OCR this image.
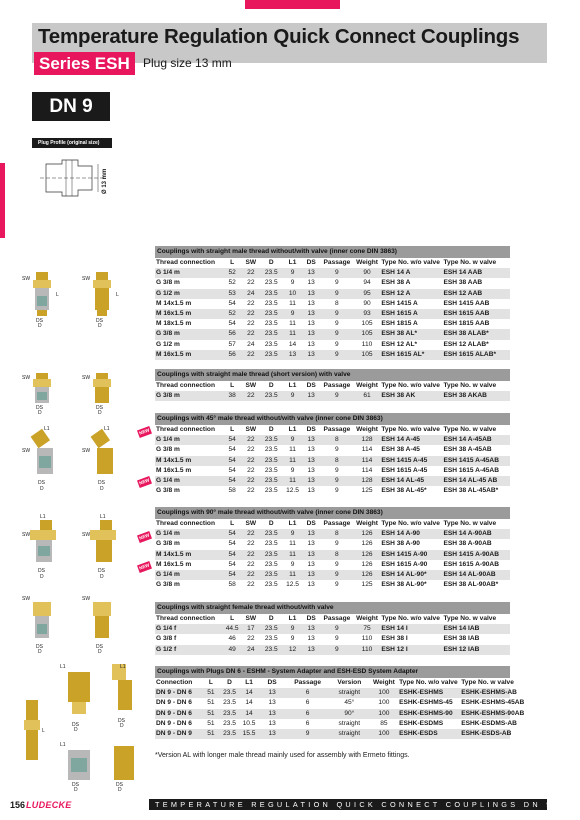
Temperature Regulation Quick Connect Couplings
Series ESH	Plug size 13 mm
DN 9
Plug Profile (original size)
Ø 13 mm
SW	SW
L	L
DS	DS
D	D
SW	SW
DS	DS
D	D
L1	L1
SW	SW
DS	DS
D	D
L1	L1
SW	SW
DS	DS
D	D
SW	SW
DS	DS
D	D
L1	L1
L1
L
DS
D
DS
D
DS
D
DS
D
NEW
NEW
NEW
NEW
Couplings with straight male thread without/with valve (inner cone DIN 3863)
Thread connection	L	SW	D	L1	DS	Passage	Weight	Type No. w/o valve	Type No. w valve
G 1/4 m	52	22	23.5	9	13	9	90	ESH 14 A	ESH 14 AAB
G 3/8 m	52	22	23.5	9	13	9	94	ESH 38 A	ESH 38 AAB
G 1/2 m	53	24	23.5	10	13	9	95	ESH 12 A	ESH 12 AAB
M 14x1.5 m	54	22	23.5	11	13	8	90	ESH 1415 A	ESH 1415 AAB
M 16x1.5 m	52	22	23.5	9	13	9	93	ESH 1615 A	ESH 1615 AAB
M 18x1.5 m	54	22	23.5	11	13	9	105	ESH 1815 A	ESH 1815 AAB
G 3/8 m	56	22	23.5	11	13	9	105	ESH 38 AL*	ESH 38 ALAB*
G 1/2 m	57	24	23.5	14	13	9	110	ESH 12 AL*	ESH 12 ALAB*
M 16x1.5 m	56	22	23.5	13	13	9	105	ESH 1615 AL*	ESH 1615 ALAB*
Couplings with straight male thread (short version) with valve
Thread connection	L	SW	D	L1	DS	Passage	Weight	Type No. w/o valve	Type No. w valve
G 3/8 m	38	22	23.5	9	13	9	61	ESH 38 AK	ESH 38 AKAB
Couplings with 45° male thread without/with valve (inner cone DIN 3863)
Thread connection	L	SW	D	L1	DS	Passage	Weight	Type No. w/o valve	Type No. w valve
G 1/4 m	54	22	23.5	9	13	8	128	ESH 14 A-45	ESH 14 A-45AB
G 3/8 m	54	22	23.5	11	13	9	114	ESH 38 A-45	ESH 38 A-45AB
M 14x1.5 m	54	22	23.5	11	13	8	114	ESH 1415 A-45	ESH 1415 A-45AB
M 16x1.5 m	54	22	23.5	9	13	9	114	ESH 1615 A-45	ESH 1615 A-45AB
G 1/4 m	54	22	23.5	11	13	9	128	ESH 14 AL-45	ESH 14 AL-45 AB
G 3/8 m	58	22	23.5	12.5	13	9	125	ESH 38 AL-45*	ESH 38 AL-45AB*
Couplings with 90° male thread without/with valve (inner cone DIN 3863)
Thread connection	L	SW	D	L1	DS	Passage	Weight	Type No. w/o valve	Type No. w valve
G 1/4 m	54	22	23.5	9	13	8	126	ESH 14 A-90	ESH 14 A-90AB
G 3/8 m	54	22	23.5	11	13	9	126	ESH 38 A-90	ESH 38 A-90AB
M 14x1.5 m	54	22	23.5	11	13	8	126	ESH 1415 A-90	ESH 1415 A-90AB
M 16x1.5 m	54	22	23.5	9	13	9	126	ESH 1615 A-90	ESH 1615 A-90AB
G 1/4 m	54	22	23.5	11	13	9	126	ESH 14 AL-90*	ESH 14 AL-90AB
G 3/8 m	58	22	23.5	12.5	13	9	125	ESH 38 AL-90*	ESH 38 AL-90AB*
Couplings with straight female thread without/with valve
Thread connection	L	SW	D	L1	DS	Passage	Weight	Type No. w/o valve	Type No. w valve
G 1/4 f	44.5	17	23.5	9	13	9	75	ESH 14 I	ESH 14 IAB
G 3/8 f	46	22	23.5	9	13	9	110	ESH 38 I	ESH 38 IAB
G 1/2 f	49	24	23.5	12	13	9	110	ESH 12 I	ESH 12 IAB
Couplings with Plugs DN 6 - ESHM - System Adapter and ESH-ESD System Adapter
Connection	L	D	L1	DS	Passage	Version	Weight	Type No. w/o valve	Type No. w valve
DN 9 - DN 6	51	23.5	14	13	6	straight	100	ESHK-ESHMS	ESHK-ESHMS-AB
DN 9 - DN 6	51	23.5	14	13	6	45°	100	ESHK-ESHMS-45	ESHK-ESHMS-45AB
DN 9 - DN 6	51	23.5	14	13	6	90°	100	ESHK-ESHMS-90	ESHK-ESHMS-90AB
DN 9 - DN 6	51	23.5	10.5	13	6	straight	85	ESHK-ESDMS	ESHK-ESDMS-AB
DN 9 - DN 9	51	23.5	15.5	13	9	straight	100	ESHK-ESDS	ESHK-ESDS-AB
*Version AL with longer male thread mainly used for assembly with Ermeto fittings.
156 LUDECKE	TEMPERATURE REGULATION QUICK CONNECT COUPLINGS DN 9
